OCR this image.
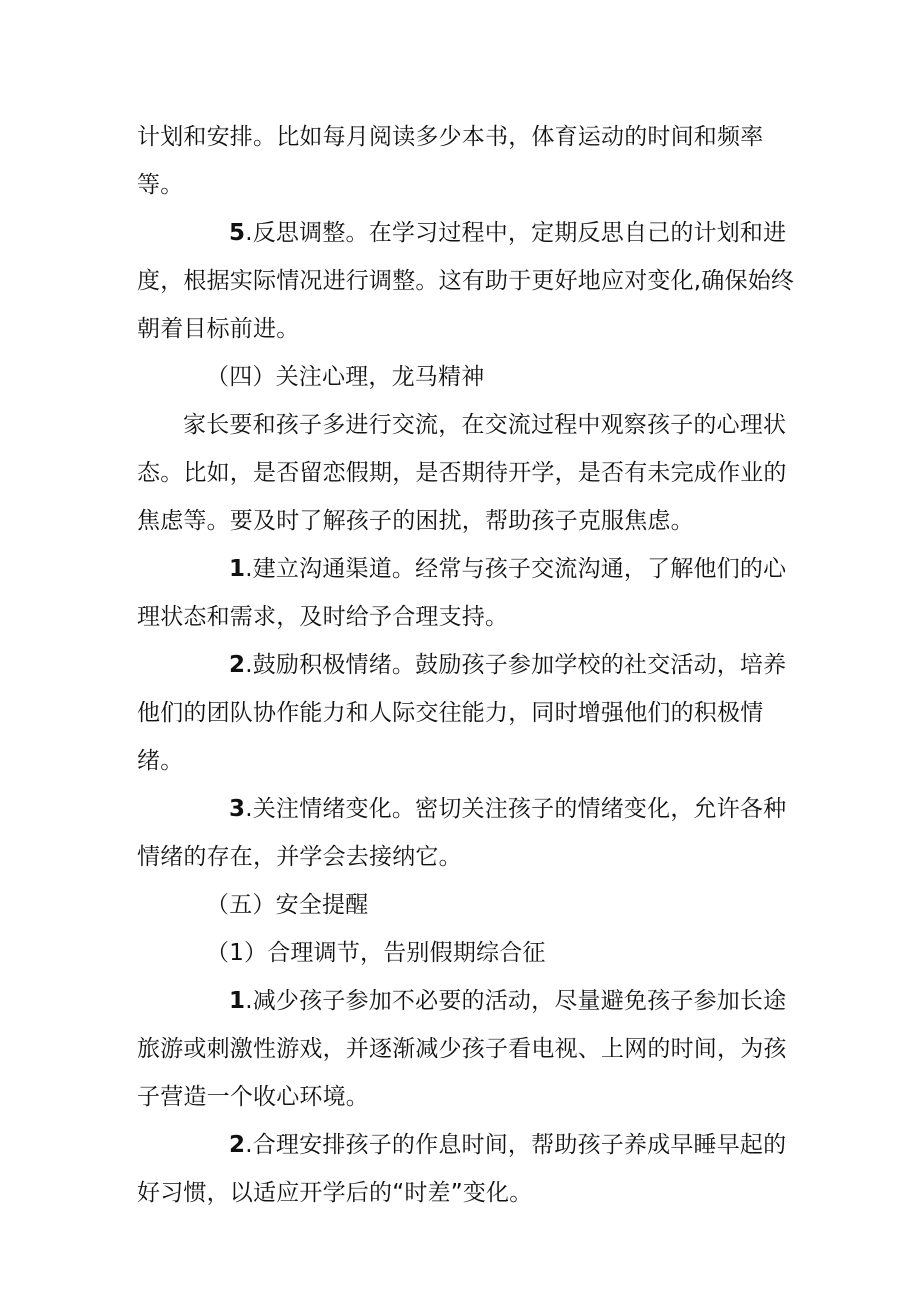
计划和安排。比如每月阅读多少本书，体育运动的时间和频率等。

5.反思调整。在学习过程中，定期反思自己的计划和进度，根据实际情况进行调整。这有助于更好地应对变化,确保始终朝着目标前进。

（四）关注心理，龙马精神

家长要和孩子多进行交流，在交流过程中观察孩子的心理状态。比如，是否留恋假期，是否期待开学，是否有未完成作业的焦虑等。要及时了解孩子的困扰，帮助孩子克服焦虑。

1.建立沟通渠道。经常与孩子交流沟通，了解他们的心理状态和需求，及时给予合理支持。

2.鼓励积极情绪。鼓励孩子参加学校的社交活动，培养他们的团队协作能力和人际交往能力，同时增强他们的积极情绪。

3.关注情绪变化。密切关注孩子的情绪变化，允许各种情绪的存在，并学会去接纳它。

（五）安全提醒

（1）合理调节，告别假期综合征

1.减少孩子参加不必要的活动，尽量避免孩子参加长途旅游或刺激性游戏，并逐渐减少孩子看电视、上网的时间，为孩子营造一个收心环境。

2.合理安排孩子的作息时间，帮助孩子养成早睡早起的好习惯，以适应开学后的“时差”变化。
